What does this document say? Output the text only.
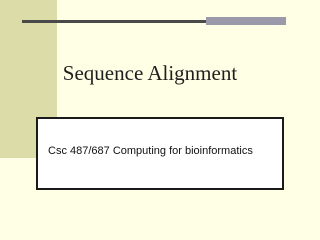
Sequence Alignment
Csc 487/687 Computing for bioinformatics
